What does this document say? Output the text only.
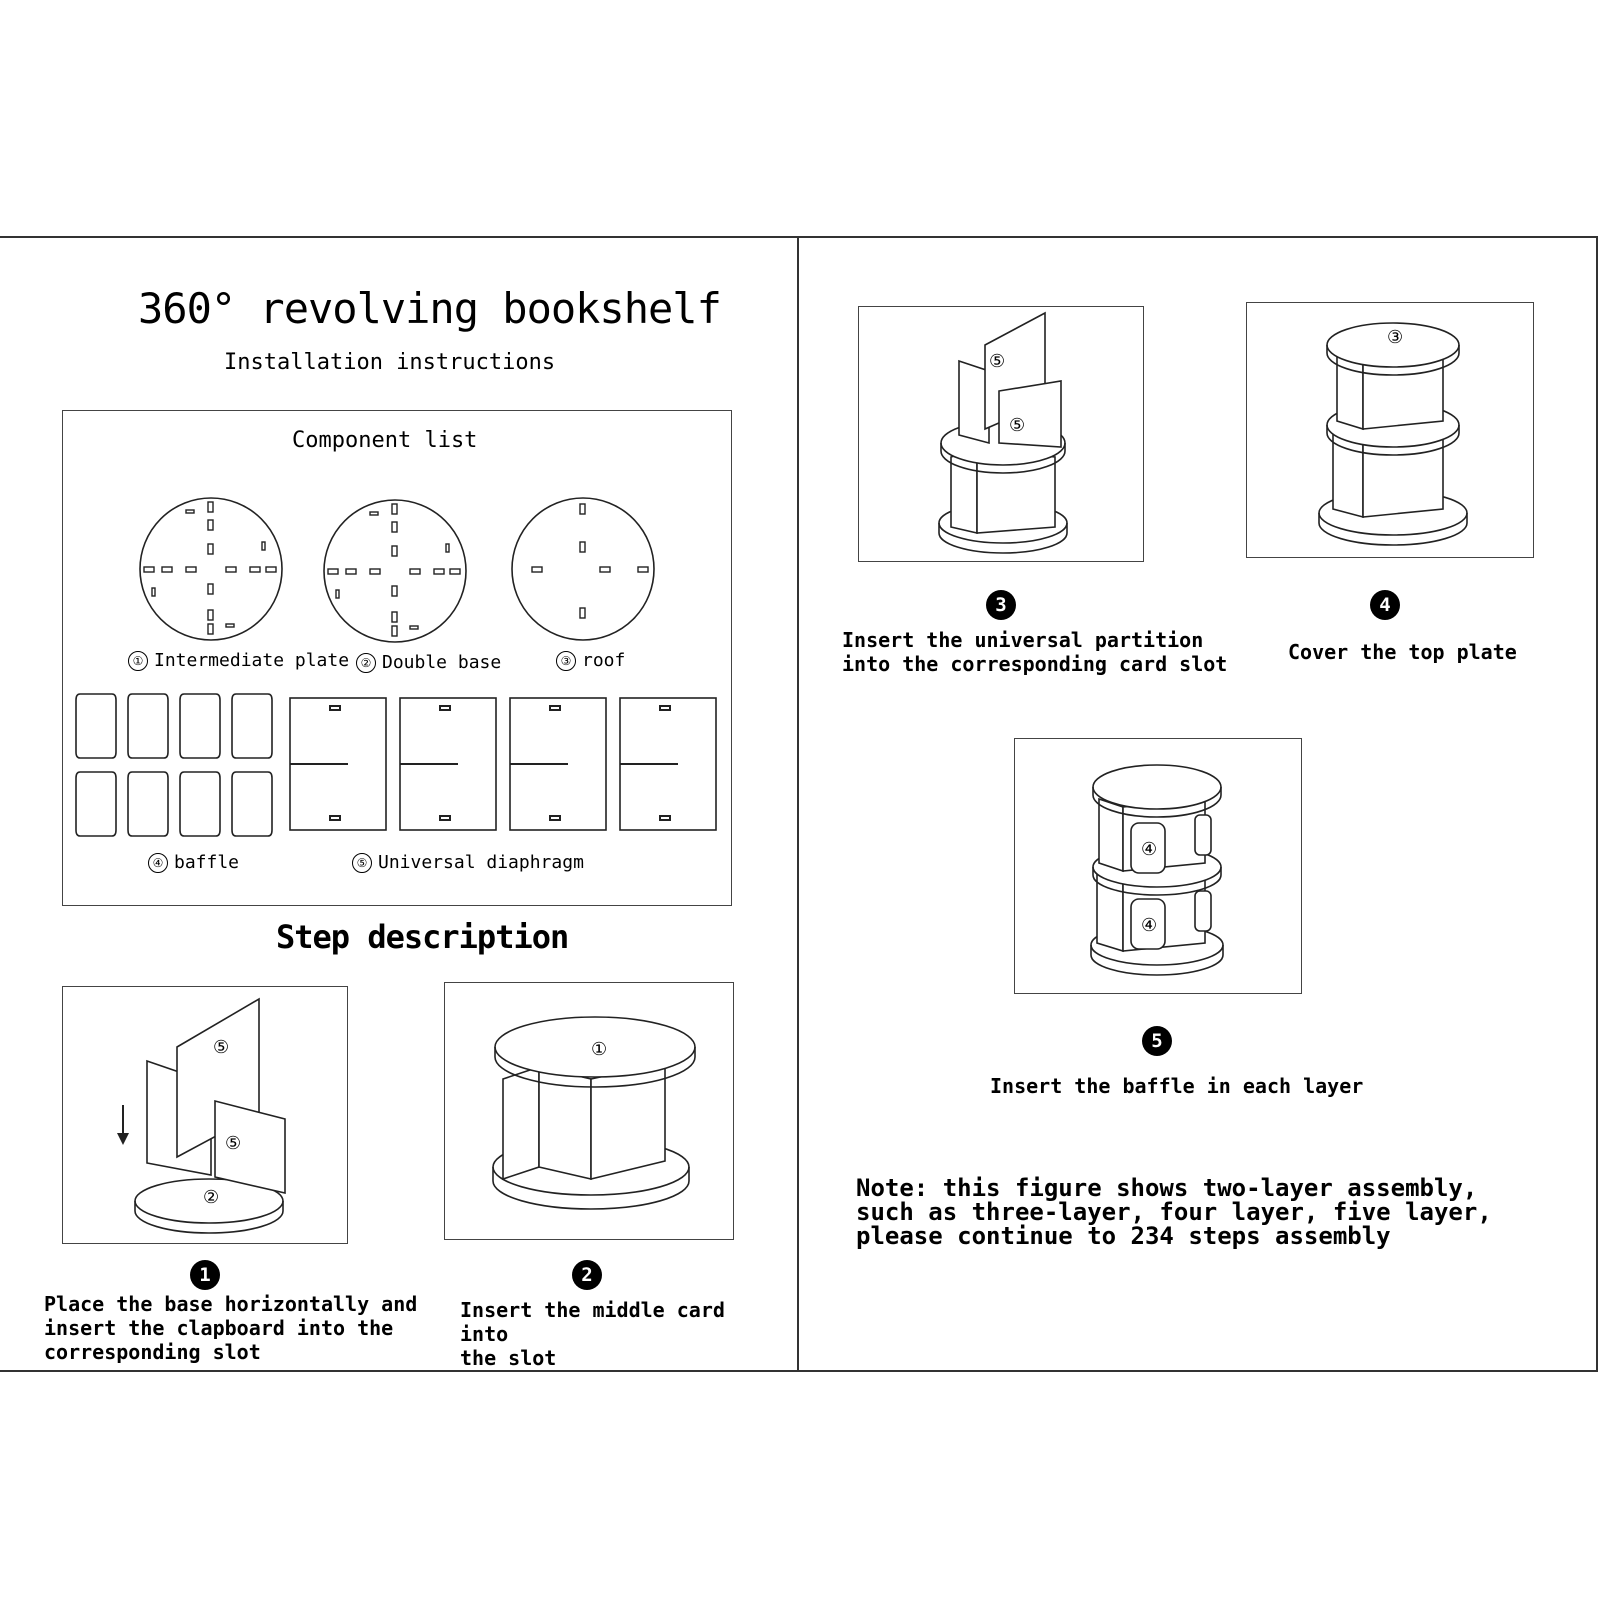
360° revolving bookshelf
Installation instructions
Component list
① Intermediate plate ② Double base	③ roof
④ baffle	⑤ Universal diaphragm
Step description
⑤
⑤
②
①
1
Place the base horizontally and
insert the clapboard into the
corresponding slot
2
Insert the middle card into
the slot
⑤
⑤
③
3
Insert the universal partition
into the corresponding card slot
4
Cover the top plate
④
④
5
Insert the baffle in each layer
Note: this figure shows two-layer assembly,
such as three-layer, four layer, five layer,
please continue to 234 steps assembly
